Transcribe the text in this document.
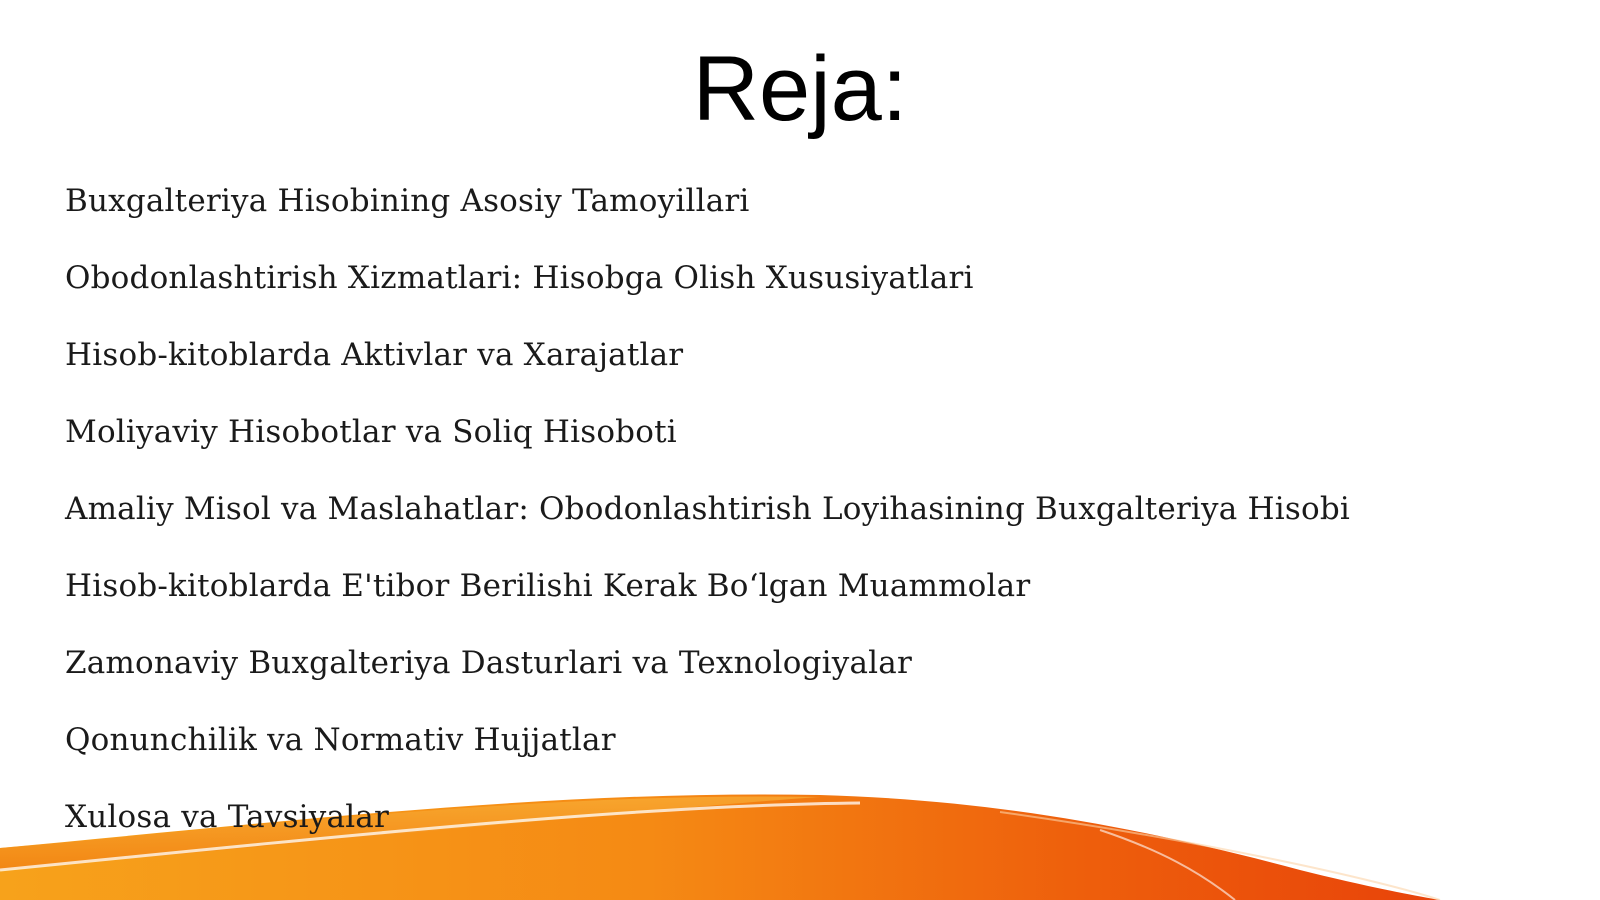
Reja:
Buxgalteriya Hisobining Asosiy Tamoyillari
Obodonlashtirish Xizmatlari: Hisobga Olish Xususiyatlari
Hisob-kitoblarda Aktivlar va Xarajatlar
Moliyaviy Hisobotlar va Soliq Hisoboti
Amaliy Misol va Maslahatlar: Obodonlashtirish Loyihasining Buxgalteriya Hisobi
Hisob-kitoblarda E'tibor Berilishi Kerak Bo‘lgan Muammolar
Zamonaviy Buxgalteriya Dasturlari va Texnologiyalar
Qonunchilik va Normativ Hujjatlar
Xulosa va Tavsiyalar
